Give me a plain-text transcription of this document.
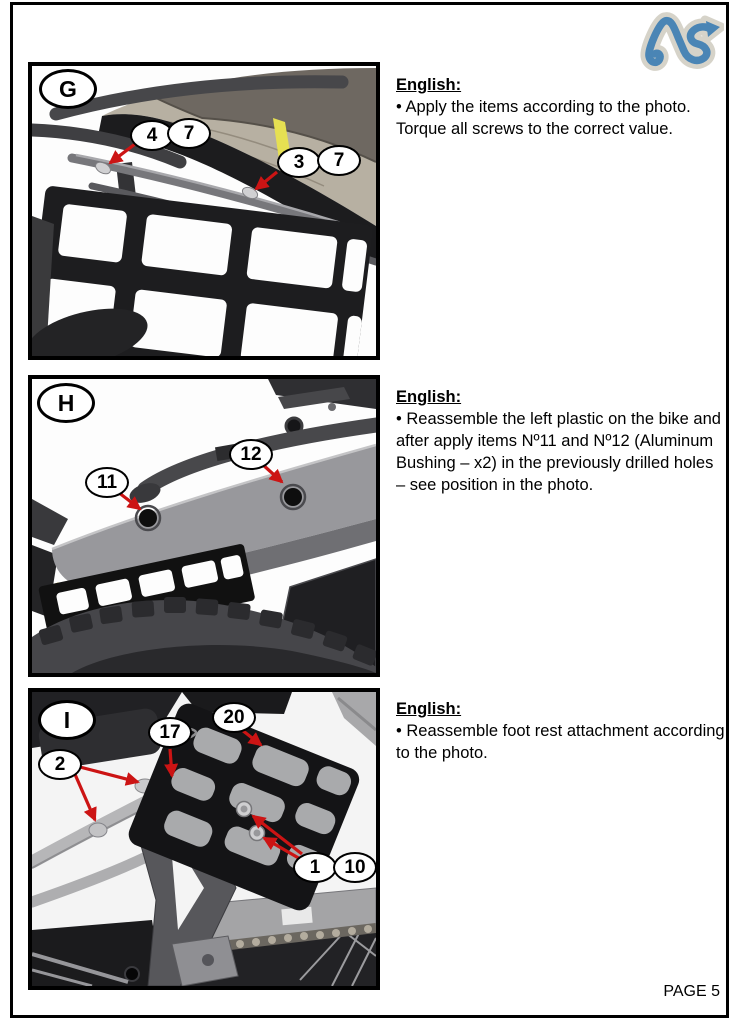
G
4	7
3	7
English:

• Apply the items according to the photo.

Torque all screws to the correct value.

H
11
12
English:

• Reassemble the left plastic on the bike and after apply items Nº11 and Nº12 (Aluminum Bushing – x2) in the previously drilled holes – see position in the photo.

I
2
17
20
1	10
English:

• Reassemble foot rest attachment according to the photo.

PAGE 5
